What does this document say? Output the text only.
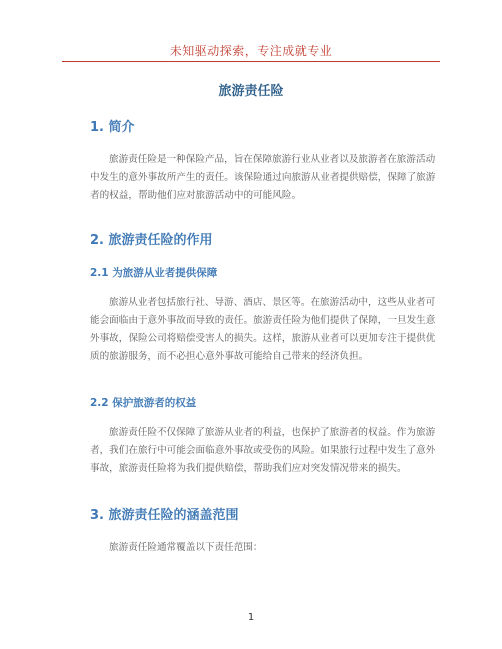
未知驱动探索，专注成就专业
旅游责任险
1. 简介
旅游责任险是一种保险产品，旨在保障旅游行业从业者以及旅游者在旅游活动
中发生的意外事故所产生的责任。该保险通过向旅游从业者提供赔偿，保障了旅游
者的权益，帮助他们应对旅游活动中的可能风险。
2. 旅游责任险的作用
2.1 为旅游从业者提供保障
旅游从业者包括旅行社、导游、酒店、景区等。在旅游活动中，这些从业者可
能会面临由于意外事故而导致的责任。旅游责任险为他们提供了保障，一旦发生意
外事故，保险公司将赔偿受害人的损失。这样，旅游从业者可以更加专注于提供优
质的旅游服务，而不必担心意外事故可能给自己带来的经济负担。
2.2 保护旅游者的权益
旅游责任险不仅保障了旅游从业者的利益，也保护了旅游者的权益。作为旅游
者，我们在旅行中可能会面临意外事故或受伤的风险。如果旅行过程中发生了意外
事故，旅游责任险将为我们提供赔偿，帮助我们应对突发情况带来的损失。
3. 旅游责任险的涵盖范围
旅游责任险通常覆盖以下责任范围：
1
